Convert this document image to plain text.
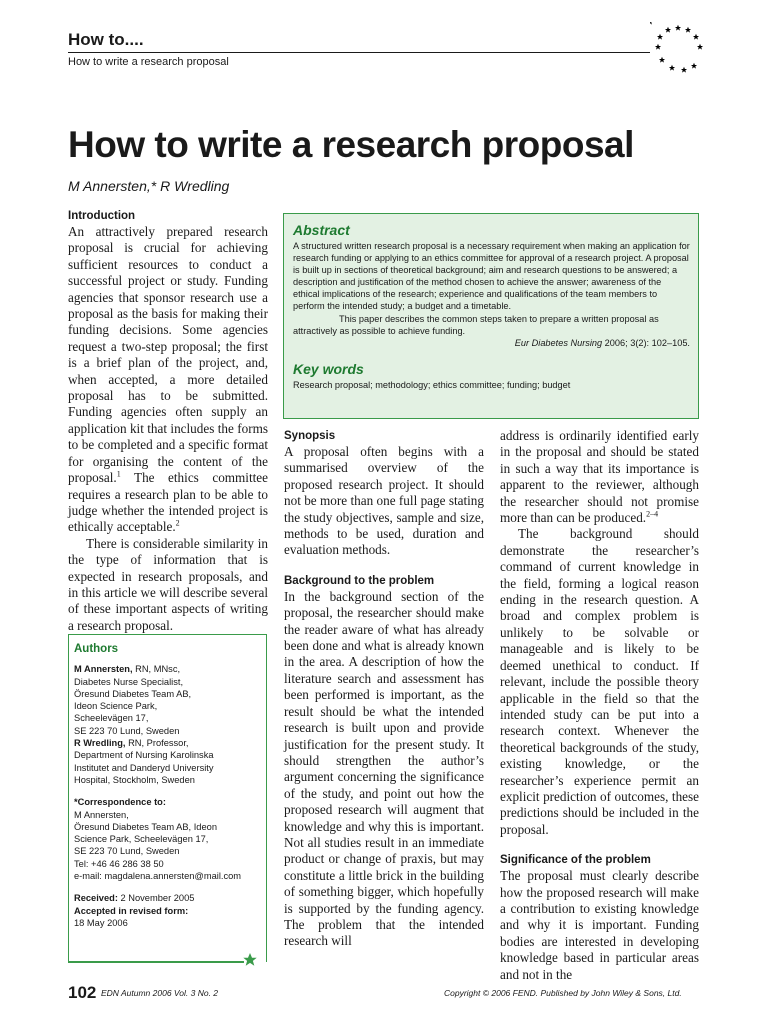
How to....
How to write a research proposal
How to write a research proposal
M Annersten,* R Wredling
Introduction

An attractively prepared research proposal is crucial for achieving sufficient resources to conduct a successful project or study. Funding agencies that sponsor research use a proposal as the basis for making their funding decisions. Some agencies request a two-step proposal; the first is a brief plan of the project, and, when accepted, a more detailed proposal has to be submitted. Funding agencies often supply an application kit that includes the forms to be completed and a specific format for organising the content of the proposal.$^1$ The ethics committee requires a research plan to be able to judge whether the intended project is ethically acceptable.$^2$

There is considerable similarity in the type of information that is expected in research proposals, and in this article we will describe several of these important aspects of writing a research proposal.

Abstract

A structured written research proposal is a necessary requirement when making an application for research funding or applying to an ethics committee for approval of a research project. A proposal is built up in sections of theoretical background; aim and research questions to be answered; a description and justification of the method chosen to achieve the answer; awareness of the ethical implications of the research; experience and qualifications of the team members to perform the intended study; a budget and a timetable.

This paper describes the common steps taken to prepare a written proposal as attractively as possible to achieve funding.

Eur Diabetes Nursing 2006; 3(2): 102–105.

Key words

Research proposal; methodology; ethics committee; funding; budget

Synopsis

A proposal often begins with a summarised overview of the proposed research project. It should not be more than one full page stating the study objectives, sample and size, methods to be used, duration and evaluation methods.

Background to the problem

In the background section of the proposal, the researcher should make the reader aware of what has already been done and what is already known in the area. A description of how the literature search and assessment has been performed is important, as the result should be what the intended research is built upon and provide justification for the present study. It should strengthen the author’s argument concerning the significance of the study, and point out how the proposed research will augment that knowledge and why this is important. Not all studies result in an immediate product or change of praxis, but may constitute a little brick in the building of something bigger, which hopefully is supported by the funding agency. The problem that the intended research will

address is ordinarily identified early in the proposal and should be stated in such a way that its importance is apparent to the reviewer, although the researcher should not promise more than can be produced.$^{2-4}$

The background should demonstrate the researcher’s command of current knowledge in the field, forming a logical reason ending in the research question. A broad and complex problem is unlikely to be solvable or manageable and is likely to be deemed unethical to conduct. If relevant, include the possible theory applicable in the field so that the intended study can be put into a research context. Whenever the theoretical backgrounds of the study, existing knowledge, or the researcher’s experience permit an explicit prediction of outcomes, these predictions should be included in the proposal.

Significance of the problem

The proposal must clearly describe how the proposed research will make a contribution to existing knowledge and why it is important. Funding bodies are interested in developing knowledge based in particular areas and not in the

Authors

M Annersten, RN, MNsc,

Diabetes Nurse Specialist,

Öresund Diabetes Team AB,

Ideon Science Park,

Scheelevägen 17,

SE 223 70 Lund, Sweden

R Wredling, RN, Professor,

Department of Nursing Karolinska

Institutet and Danderyd University

Hospital, Stockholm, Sweden

*Correspondence to:

M Annersten,

Öresund Diabetes Team AB, Ideon

Science Park, Scheelevägen 17,

SE 223 70 Lund, Sweden

Tel: +46 46 286 38 50

e-mail: magdalena.annersten@mail.com

Received: 2 November 2005

Accepted in revised form:

18 May 2006

102 EDN Autumn 2006 Vol. 3 No. 2	Copyright © 2006 FEND. Published by John Wiley & Sons, Ltd.
